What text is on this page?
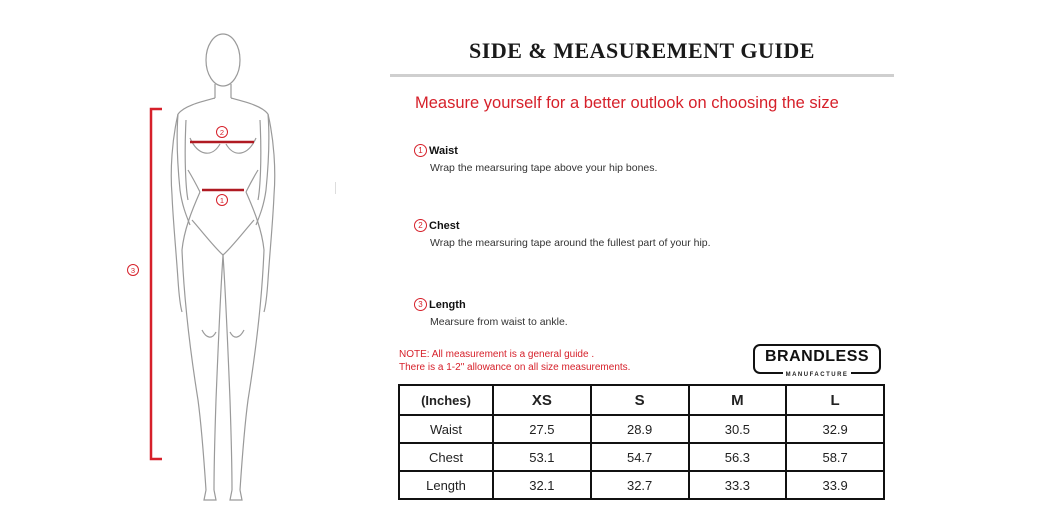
2
1
3
SIDE & MEASUREMENT GUIDE
Measure yourself for a better outlook on choosing the size
1 Waist
Wrap the mearsuring tape above your hip bones.
2 Chest
Wrap the mearsuring tape around the fullest part of your hip.
3 Length
Mearsure from waist to ankle.
NOTE: All measurement is a general guide .
There is a 1-2" allowance on all size measurements.
BRANDLESS
MANUFACTURE
(Inches)	XS	S	M	L
Waist	27.5	28.9	30.5	32.9
Chest	53.1	54.7	56.3	58.7
Length	32.1	32.7	33.3	33.9
